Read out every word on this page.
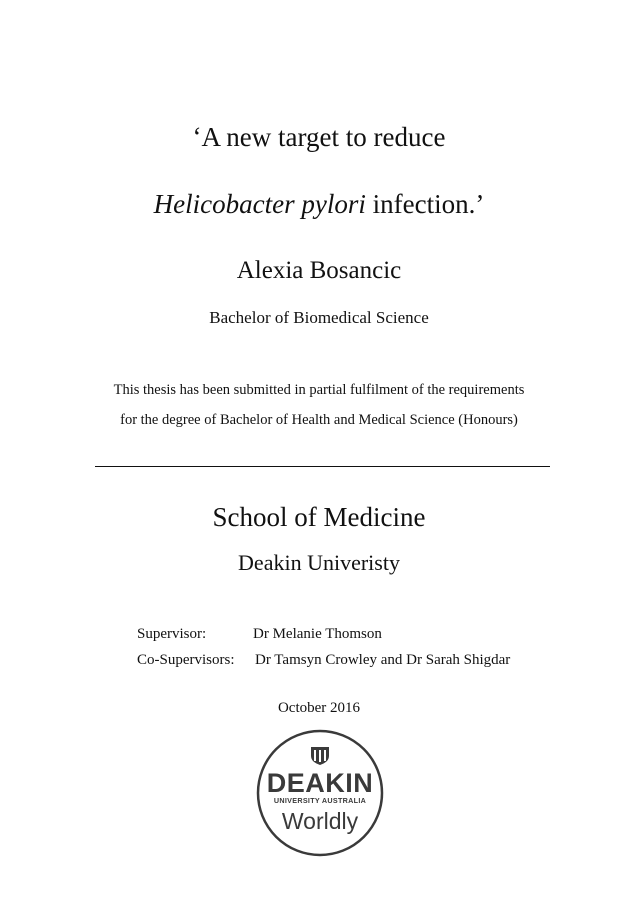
‘A new target to reduce
Helicobacter pylori infection.’
Alexia Bosancic
Bachelor of Biomedical Science
This thesis has been submitted in partial fulfilment of the requirements
for the degree of Bachelor of Health and Medical Science (Honours)
School of Medicine
Deakin Univeristy
Supervisor:	Dr Melanie Thomson
Co-Supervisors: Dr Tamsyn Crowley and Dr Sarah Shigdar
October 2016
DEAKIN
UNIVERSITY AUSTRALIA
Worldly
